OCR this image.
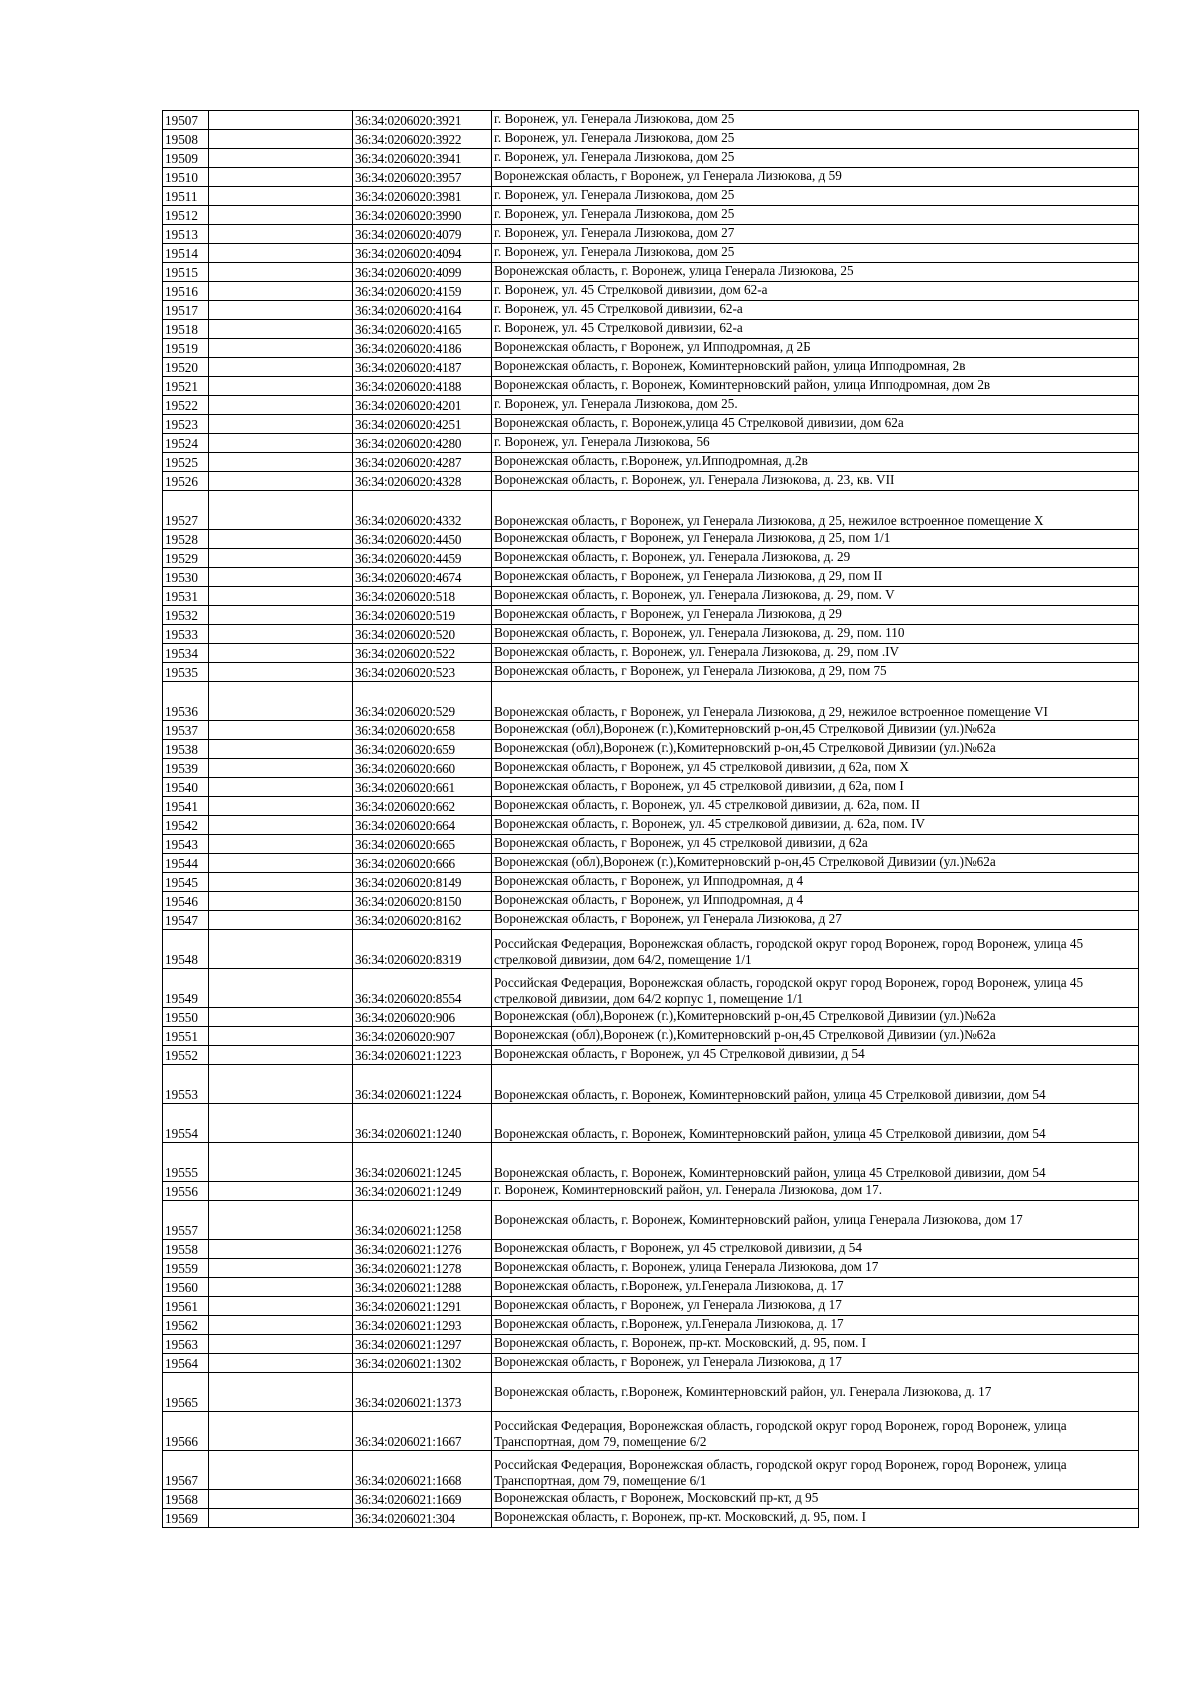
19507		36:34:0206020:3921	г. Воронеж, ул. Генерала Лизюкова, дом 25
19508		36:34:0206020:3922	г. Воронеж, ул. Генерала Лизюкова, дом 25
19509		36:34:0206020:3941	г. Воронеж, ул. Генерала Лизюкова, дом 25
19510		36:34:0206020:3957	Воронежская область, г Воронеж, ул Генерала Лизюкова, д 59
19511		36:34:0206020:3981	г. Воронеж, ул. Генерала Лизюкова, дом 25
19512		36:34:0206020:3990	г. Воронеж, ул. Генерала Лизюкова, дом 25
19513		36:34:0206020:4079	г. Воронеж, ул. Генерала Лизюкова, дом 27
19514		36:34:0206020:4094	г. Воронеж, ул. Генерала Лизюкова, дом 25
19515		36:34:0206020:4099	Воронежская область, г. Воронеж, улица Генерала Лизюкова, 25
19516		36:34:0206020:4159	г. Воронеж, ул. 45 Стрелковой дивизии, дом 62-а
19517		36:34:0206020:4164	г. Воронеж, ул. 45 Стрелковой дивизии, 62-а
19518		36:34:0206020:4165	г. Воронеж, ул. 45 Стрелковой дивизии, 62-а
19519		36:34:0206020:4186	Воронежская область, г Воронеж, ул Ипподромная, д 2Б
19520		36:34:0206020:4187	Воронежская область, г. Воронеж, Коминтерновский район, улица Ипподромная, 2в
19521		36:34:0206020:4188	Воронежская область, г. Воронеж, Коминтерновский район, улица Ипподромная, дом 2в
19522		36:34:0206020:4201	г. Воронеж, ул. Генерала Лизюкова, дом 25.
19523		36:34:0206020:4251	Воронежская область, г. Воронеж,улица 45 Стрелковой дивизии, дом 62а
19524		36:34:0206020:4280	г. Воронеж, ул. Генерала Лизюкова, 56
19525		36:34:0206020:4287	Воронежская область, г.Воронеж, ул.Ипподромная, д.2в
19526		36:34:0206020:4328	Воронежская область, г. Воронеж, ул. Генерала Лизюкова, д. 23, кв. VII
19527		36:34:0206020:4332	Воронежская область, г Воронеж, ул Генерала Лизюкова, д 25, нежилое встроенное помещение X
19528		36:34:0206020:4450	Воронежская область, г Воронеж, ул Генерала Лизюкова, д 25, пом 1/1
19529		36:34:0206020:4459	Воронежская область, г. Воронеж, ул. Генерала Лизюкова, д. 29
19530		36:34:0206020:4674	Воронежская область, г Воронеж, ул Генерала Лизюкова, д 29, пом II
19531		36:34:0206020:518	Воронежская область, г. Воронеж, ул. Генерала Лизюкова, д. 29, пом. V
19532		36:34:0206020:519	Воронежская область, г Воронеж, ул Генерала Лизюкова, д 29
19533		36:34:0206020:520	Воронежская область, г. Воронеж, ул. Генерала Лизюкова, д. 29, пом. 110
19534		36:34:0206020:522	Воронежская область, г. Воронеж, ул. Генерала Лизюкова, д. 29, пом .IV
19535		36:34:0206020:523	Воронежская область, г Воронеж, ул Генерала Лизюкова, д 29, пом 75
19536		36:34:0206020:529	Воронежская область, г Воронеж, ул Генерала Лизюкова, д 29, нежилое встроенное помещение VI
19537		36:34:0206020:658	Воронежская (обл),Воронеж (г.),Комитерновский р-он,45 Стрелковой Дивизии (ул.)№62а
19538		36:34:0206020:659	Воронежская (обл),Воронеж (г.),Комитерновский р-он,45 Стрелковой Дивизии (ул.)№62а
19539		36:34:0206020:660	Воронежская область, г Воронеж, ул 45 стрелковой дивизии, д 62а, пом X
19540		36:34:0206020:661	Воронежская область, г Воронеж, ул 45 стрелковой дивизии, д 62а, пом I
19541		36:34:0206020:662	Воронежская область, г. Воронеж, ул. 45 стрелковой дивизии, д. 62а, пом. II
19542		36:34:0206020:664	Воронежская область, г. Воронеж, ул. 45 стрелковой дивизии, д. 62а, пом. IV
19543		36:34:0206020:665	Воронежская область, г Воронеж, ул 45 стрелковой дивизии, д 62а
19544		36:34:0206020:666	Воронежская (обл),Воронеж (г.),Комитерновский р-он,45 Стрелковой Дивизии (ул.)№62а
19545		36:34:0206020:8149	Воронежская область, г Воронеж, ул Ипподромная, д 4
19546		36:34:0206020:8150	Воронежская область, г Воронеж, ул Ипподромная, д 4
19547		36:34:0206020:8162	Воронежская область, г Воронеж, ул Генерала Лизюкова, д 27
19548		36:34:0206020:8319	Российская Федерация, Воронежская область, городской округ город Воронеж, город Воронеж, улица 45 стрелковой дивизии, дом 64/2, помещение 1/1
19549		36:34:0206020:8554	Российская Федерация, Воронежская область, городской округ город Воронеж, город Воронеж, улица 45 стрелковой дивизии, дом 64/2 корпус 1, помещение 1/1
19550		36:34:0206020:906	Воронежская (обл),Воронеж (г.),Комитерновский р-он,45 Стрелковой Дивизии (ул.)№62а
19551		36:34:0206020:907	Воронежская (обл),Воронеж (г.),Комитерновский р-он,45 Стрелковой Дивизии (ул.)№62а
19552		36:34:0206021:1223	Воронежская область, г Воронеж, ул 45 Стрелковой дивизии, д 54
19553		36:34:0206021:1224	Воронежская область, г. Воронеж, Коминтерновский район, улица 45 Стрелковой дивизии, дом 54
19554		36:34:0206021:1240	Воронежская область, г. Воронеж, Коминтерновский район, улица 45 Стрелковой дивизии, дом 54
19555		36:34:0206021:1245	Воронежская область, г. Воронеж, Коминтерновский район, улица 45 Стрелковой дивизии, дом 54
19556		36:34:0206021:1249	г. Воронеж, Коминтерновский район, ул. Генерала Лизюкова, дом 17.
19557		36:34:0206021:1258	Воронежская область, г. Воронеж, Коминтерновский район, улица Генерала Лизюкова, дом 17
19558		36:34:0206021:1276	Воронежская область, г Воронеж, ул 45 стрелковой дивизии, д 54
19559		36:34:0206021:1278	Воронежская область, г. Воронеж, улица Генерала Лизюкова, дом 17
19560		36:34:0206021:1288	Воронежская область, г.Воронеж, ул.Генерала Лизюкова, д. 17
19561		36:34:0206021:1291	Воронежская область, г Воронеж, ул Генерала Лизюкова, д 17
19562		36:34:0206021:1293	Воронежская область, г.Воронеж, ул.Генерала Лизюкова, д. 17
19563		36:34:0206021:1297	Воронежская область, г. Воронеж, пр-кт. Московский, д. 95, пом. I
19564		36:34:0206021:1302	Воронежская область, г Воронеж, ул Генерала Лизюкова, д 17
19565		36:34:0206021:1373	Воронежская область, г.Воронеж, Коминтерновский район, ул. Генерала Лизюкова, д. 17
19566		36:34:0206021:1667	Российская Федерация, Воронежская область, городской округ город Воронеж, город Воронеж, улица Транспортная, дом 79, помещение 6/2
19567		36:34:0206021:1668	Российская Федерация, Воронежская область, городской округ город Воронеж, город Воронеж, улица Транспортная, дом 79, помещение 6/1
19568		36:34:0206021:1669	Воронежская область, г Воронеж, Московский пр-кт, д 95
19569		36:34:0206021:304	Воронежская область, г. Воронеж, пр-кт. Московский, д. 95, пом. I
